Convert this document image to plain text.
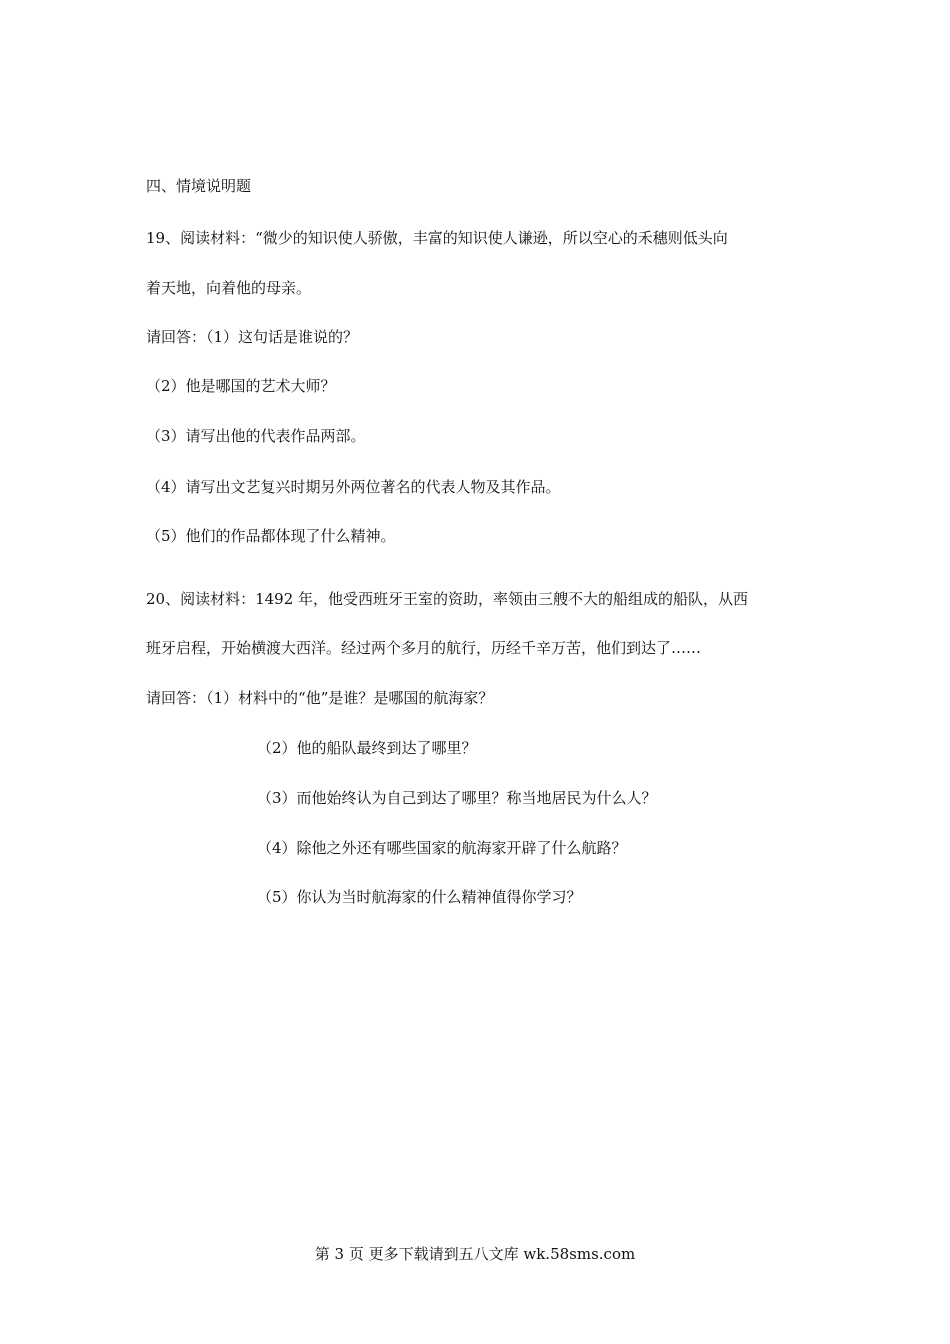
四、情境说明题
19、阅读材料：“微少的知识使人骄傲，丰富的知识使人谦逊，所以空心的禾穗则低头向
着天地，向着他的母亲。
请回答：（1）这句话是谁说的？
（2）他是哪国的艺术大师？
（3）请写出他的代表作品两部。
（4）请写出文艺复兴时期另外两位著名的代表人物及其作品。
（5）他们的作品都体现了什么精神。
20、阅读材料：1492 年，他受西班牙王室的资助，率领由三艘不大的船组成的船队，从西
班牙启程，开始横渡大西洋。经过两个多月的航行，历经千辛万苦，他们到达了……
请回答：（1）材料中的“他”是谁？是哪国的航海家？
（2）他的船队最终到达了哪里？
（3）而他始终认为自己到达了哪里？称当地居民为什么人？
（4）除他之外还有哪些国家的航海家开辟了什么航路？
（5）你认为当时航海家的什么精神值得你学习？
第 3 页 更多下载请到五八文库 wk.58sms.com
